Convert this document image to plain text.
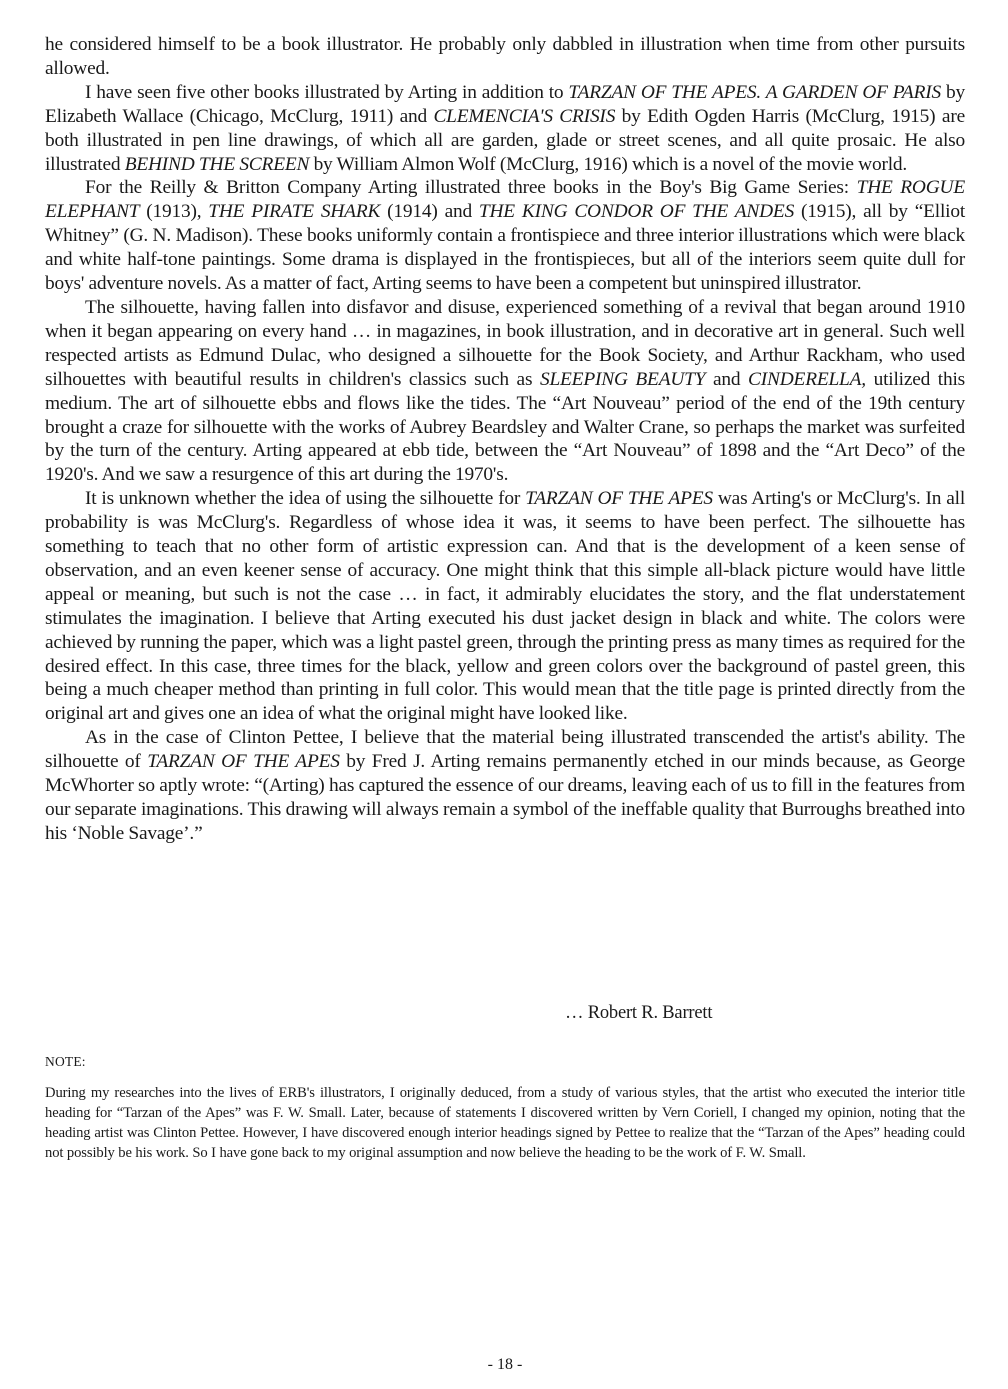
he considered himself to be a book illustrator. He probably only dabbled in illustration when time from other pursuits allowed.

I have seen five other books illustrated by Arting in addition to TARZAN OF THE APES. A GARDEN OF PARIS by Elizabeth Wallace (Chicago, McClurg, 1911) and CLEMENCIA'S CRISIS by Edith Ogden Harris (McClurg, 1915) are both illustrated in pen line drawings, of which all are garden, glade or street scenes, and all quite prosaic. He also illustrated BEHIND THE SCREEN by William Almon Wolf (McClurg, 1916) which is a novel of the movie world.

For the Reilly & Britton Company Arting illustrated three books in the Boy's Big Game Series: THE ROGUE ELEPHANT (1913), THE PIRATE SHARK (1914) and THE KING CONDOR OF THE ANDES (1915), all by “Elliot Whitney” (G. N. Madison). These books uniformly contain a frontispiece and three interior illustrations which were black and white half-tone paintings. Some drama is displayed in the frontispieces, but all of the interiors seem quite dull for boys' adventure novels. As a matter of fact, Arting seems to have been a competent but uninspired illustrator.

The silhouette, having fallen into disfavor and disuse, experienced something of a revival that began around 1910 when it began appearing on every hand … in magazines, in book illustration, and in decorative art in general. Such well respected artists as Edmund Dulac, who designed a silhouette for the Book Society, and Arthur Rackham, who used silhouettes with beautiful results in children's classics such as SLEEPING BEAUTY and CINDERELLA, utilized this medium. The art of silhouette ebbs and flows like the tides. The “Art Nouveau” period of the end of the 19th century brought a craze for silhouette with the works of Aubrey Beardsley and Walter Crane, so perhaps the market was surfeited by the turn of the century. Arting appeared at ebb tide, between the “Art Nouveau” of 1898 and the “Art Deco” of the 1920's. And we saw a resurgence of this art during the 1970's.

It is unknown whether the idea of using the silhouette for TARZAN OF THE APES was Arting's or McClurg's. In all probability is was McClurg's. Regardless of whose idea it was, it seems to have been perfect. The silhouette has something to teach that no other form of artistic expression can. And that is the development of a keen sense of observation, and an even keener sense of accuracy. One might think that this simple all-black picture would have little appeal or meaning, but such is not the case … in fact, it admirably elucidates the story, and the flat understatement stimulates the imagination. I believe that Arting executed his dust jacket design in black and white. The colors were achieved by running the paper, which was a light pastel green, through the printing press as many times as required for the desired effect. In this case, three times for the black, yellow and green colors over the background of pastel green, this being a much cheaper method than printing in full color. This would mean that the title page is printed directly from the original art and gives one an idea of what the original might have looked like.

As in the case of Clinton Pettee, I believe that the material being illustrated transcended the artist's ability. The silhouette of TARZAN OF THE APES by Fred J. Arting remains permanently etched in our minds because, as George McWhorter so aptly wrote: “(Arting) has captured the essence of our dreams, leaving each of us to fill in the features from our separate imaginations. This drawing will always remain a symbol of the ineffable quality that Burroughs breathed into his ‘Noble Savage’.”

… Robert R. Barrett
NOTE:
During my researches into the lives of ERB's illustrators, I originally deduced, from a study of various styles, that the artist who executed the interior title heading for “Tarzan of the Apes” was F. W. Small. Later, because of statements I discovered written by Vern Coriell, I changed my opinion, noting that the heading artist was Clinton Pettee. However, I have discovered enough interior headings signed by Pettee to realize that the “Tarzan of the Apes” heading could not possibly be his work. So I have gone back to my original assumption and now believe the heading to be the work of F. W. Small.
- 18 -
